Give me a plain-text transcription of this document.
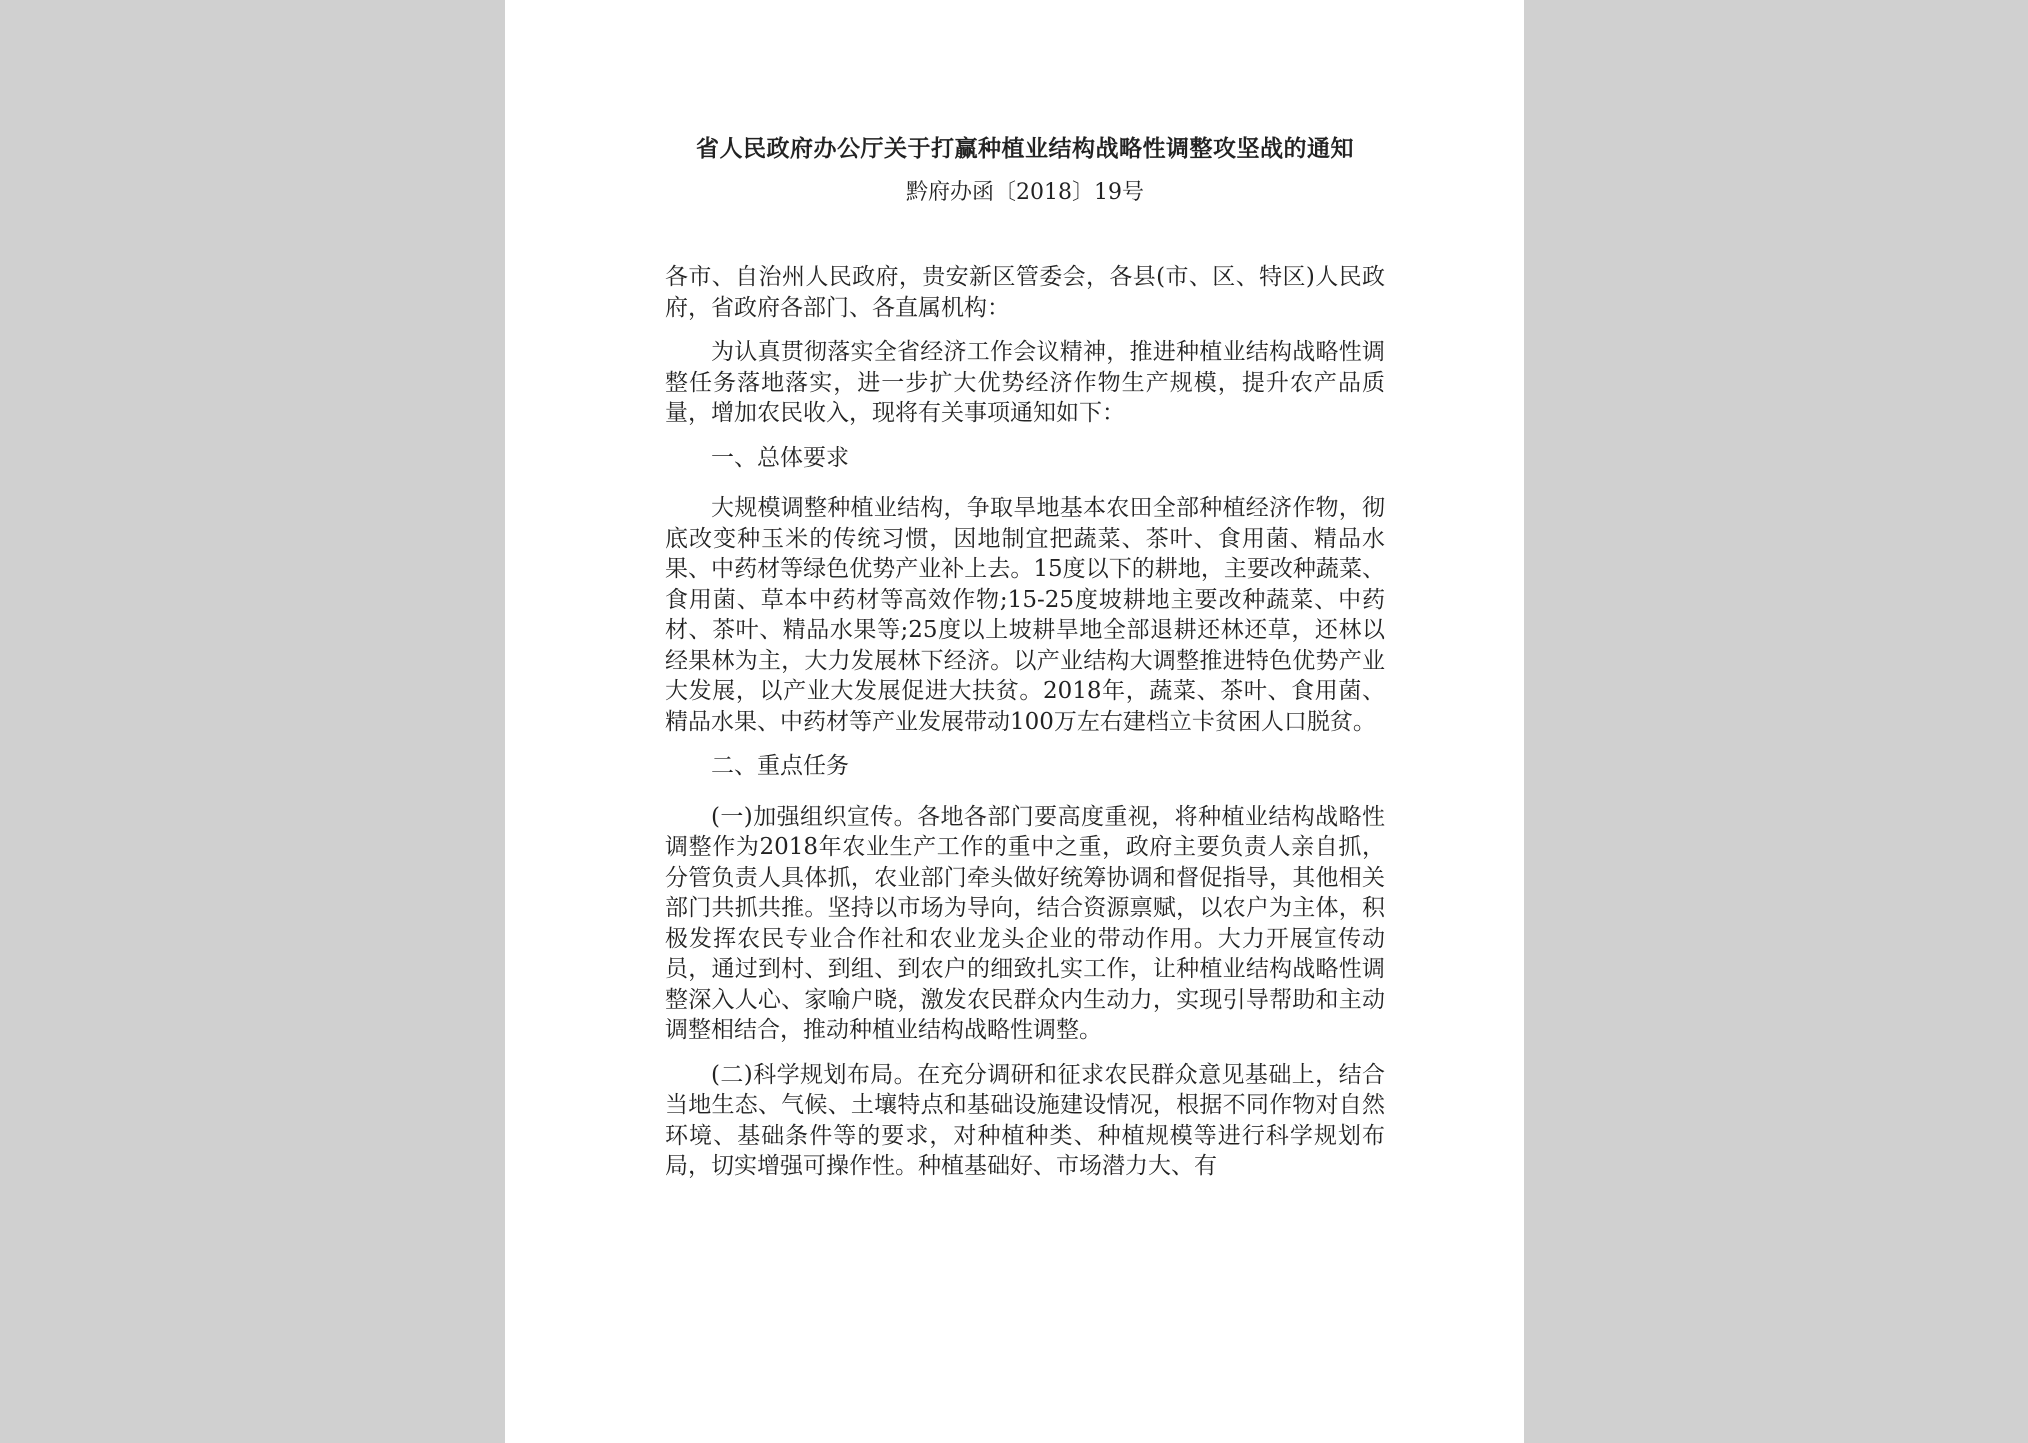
省人民政府办公厅关于打赢种植业结构战略性调整攻坚战的通知
黔府办函〔2018〕19号

各市、自治州人民政府，贵安新区管委会，各县(市、区、特区)人民政府，省政府各部门、各直属机构：

为认真贯彻落实全省经济工作会议精神，推进种植业结构战略性调整任务落地落实，进一步扩大优势经济作物生产规模，提升农产品质量，增加农民收入，现将有关事项通知如下：

一、总体要求

大规模调整种植业结构，争取旱地基本农田全部种植经济作物，彻底改变种玉米的传统习惯，因地制宜把蔬菜、茶叶、食用菌、精品水果、中药材等绿色优势产业补上去。15度以下的耕地，主要改种蔬菜、食用菌、草本中药材等高效作物;15-25度坡耕地主要改种蔬菜、中药材、茶叶、精品水果等;25度以上坡耕旱地全部退耕还林还草，还林以经果林为主，大力发展林下经济。以产业结构大调整推进特色优势产业大发展，以产业大发展促进大扶贫。2018年，蔬菜、茶叶、食用菌、精品水果、中药材等产业发展带动100万左右建档立卡贫困人口脱贫。

二、重点任务

(一)加强组织宣传。各地各部门要高度重视，将种植业结构战略性调整作为2018年农业生产工作的重中之重，政府主要负责人亲自抓，分管负责人具体抓，农业部门牵头做好统筹协调和督促指导，其他相关部门共抓共推。坚持以市场为导向，结合资源禀赋，以农户为主体，积极发挥农民专业合作社和农业龙头企业的带动作用。大力开展宣传动员，通过到村、到组、到农户的细致扎实工作，让种植业结构战略性调整深入人心、家喻户晓，激发农民群众内生动力，实现引导帮助和主动调整相结合，推动种植业结构战略性调整。

(二)科学规划布局。在充分调研和征求农民群众意见基础上，结合当地生态、气候、土壤特点和基础设施建设情况，根据不同作物对自然环境、基础条件等的要求，对种植种类、种植规模等进行科学规划布局，切实增强可操作性。种植基础好、市场潜力大、有
